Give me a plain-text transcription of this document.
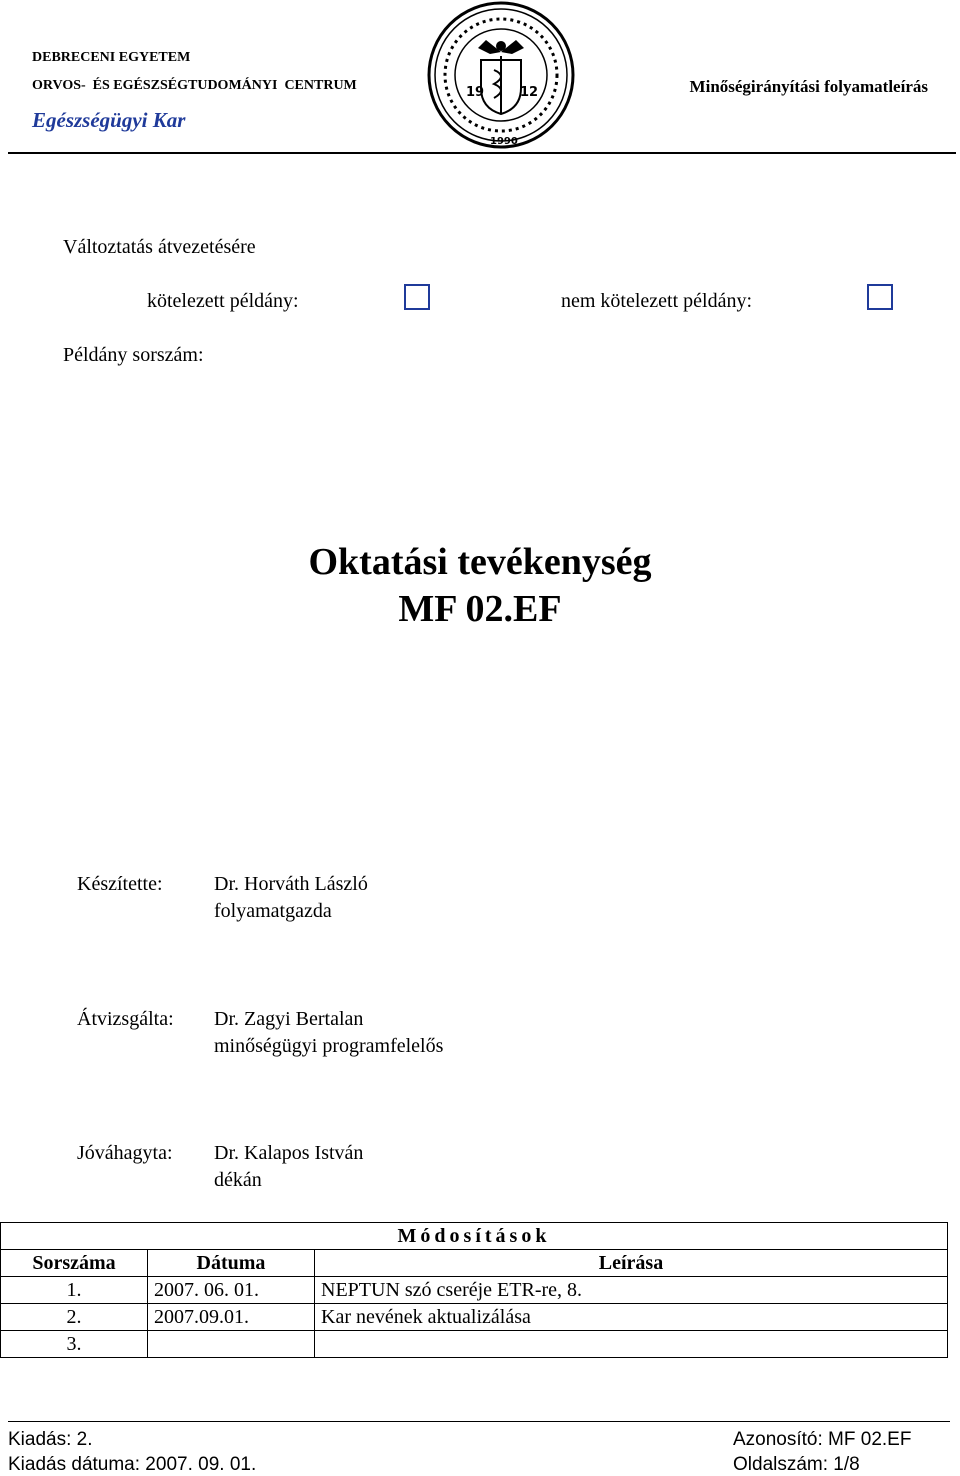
DEBRECENI EGYETEM
ORVOS-  ÉS EGÉSZSÉGTUDOMÁNYI  CENTRUM
Egészségügyi Kar
Minőségirányítási folyamatleírás
19	12
1990
Változtatás átvezetésére
kötelezett példány:	nem kötelezett példány:
Példány sorszám:
Oktatási tevékenység
MF 02.EF
Készítette:	Dr. Horváth László
folyamatgazda
Átvizsgálta: Dr. Zagyi Bertalan
minőségügyi programfelelős
Jóváhagyta: Dr. Kalapos István
dékán
Módosítások		
Sorszáma	Dátuma	Leírása
1.	2007. 06. 01.	NEPTUN szó cseréje ETR-re, 8.
2.	2007.09.01.	Kar nevének aktualizálása
3.		
Kiadás: 2.
Kiadás dátuma: 2007. 09. 01.
Azonosító: MF 02.EF
Oldalszám: 1/8
